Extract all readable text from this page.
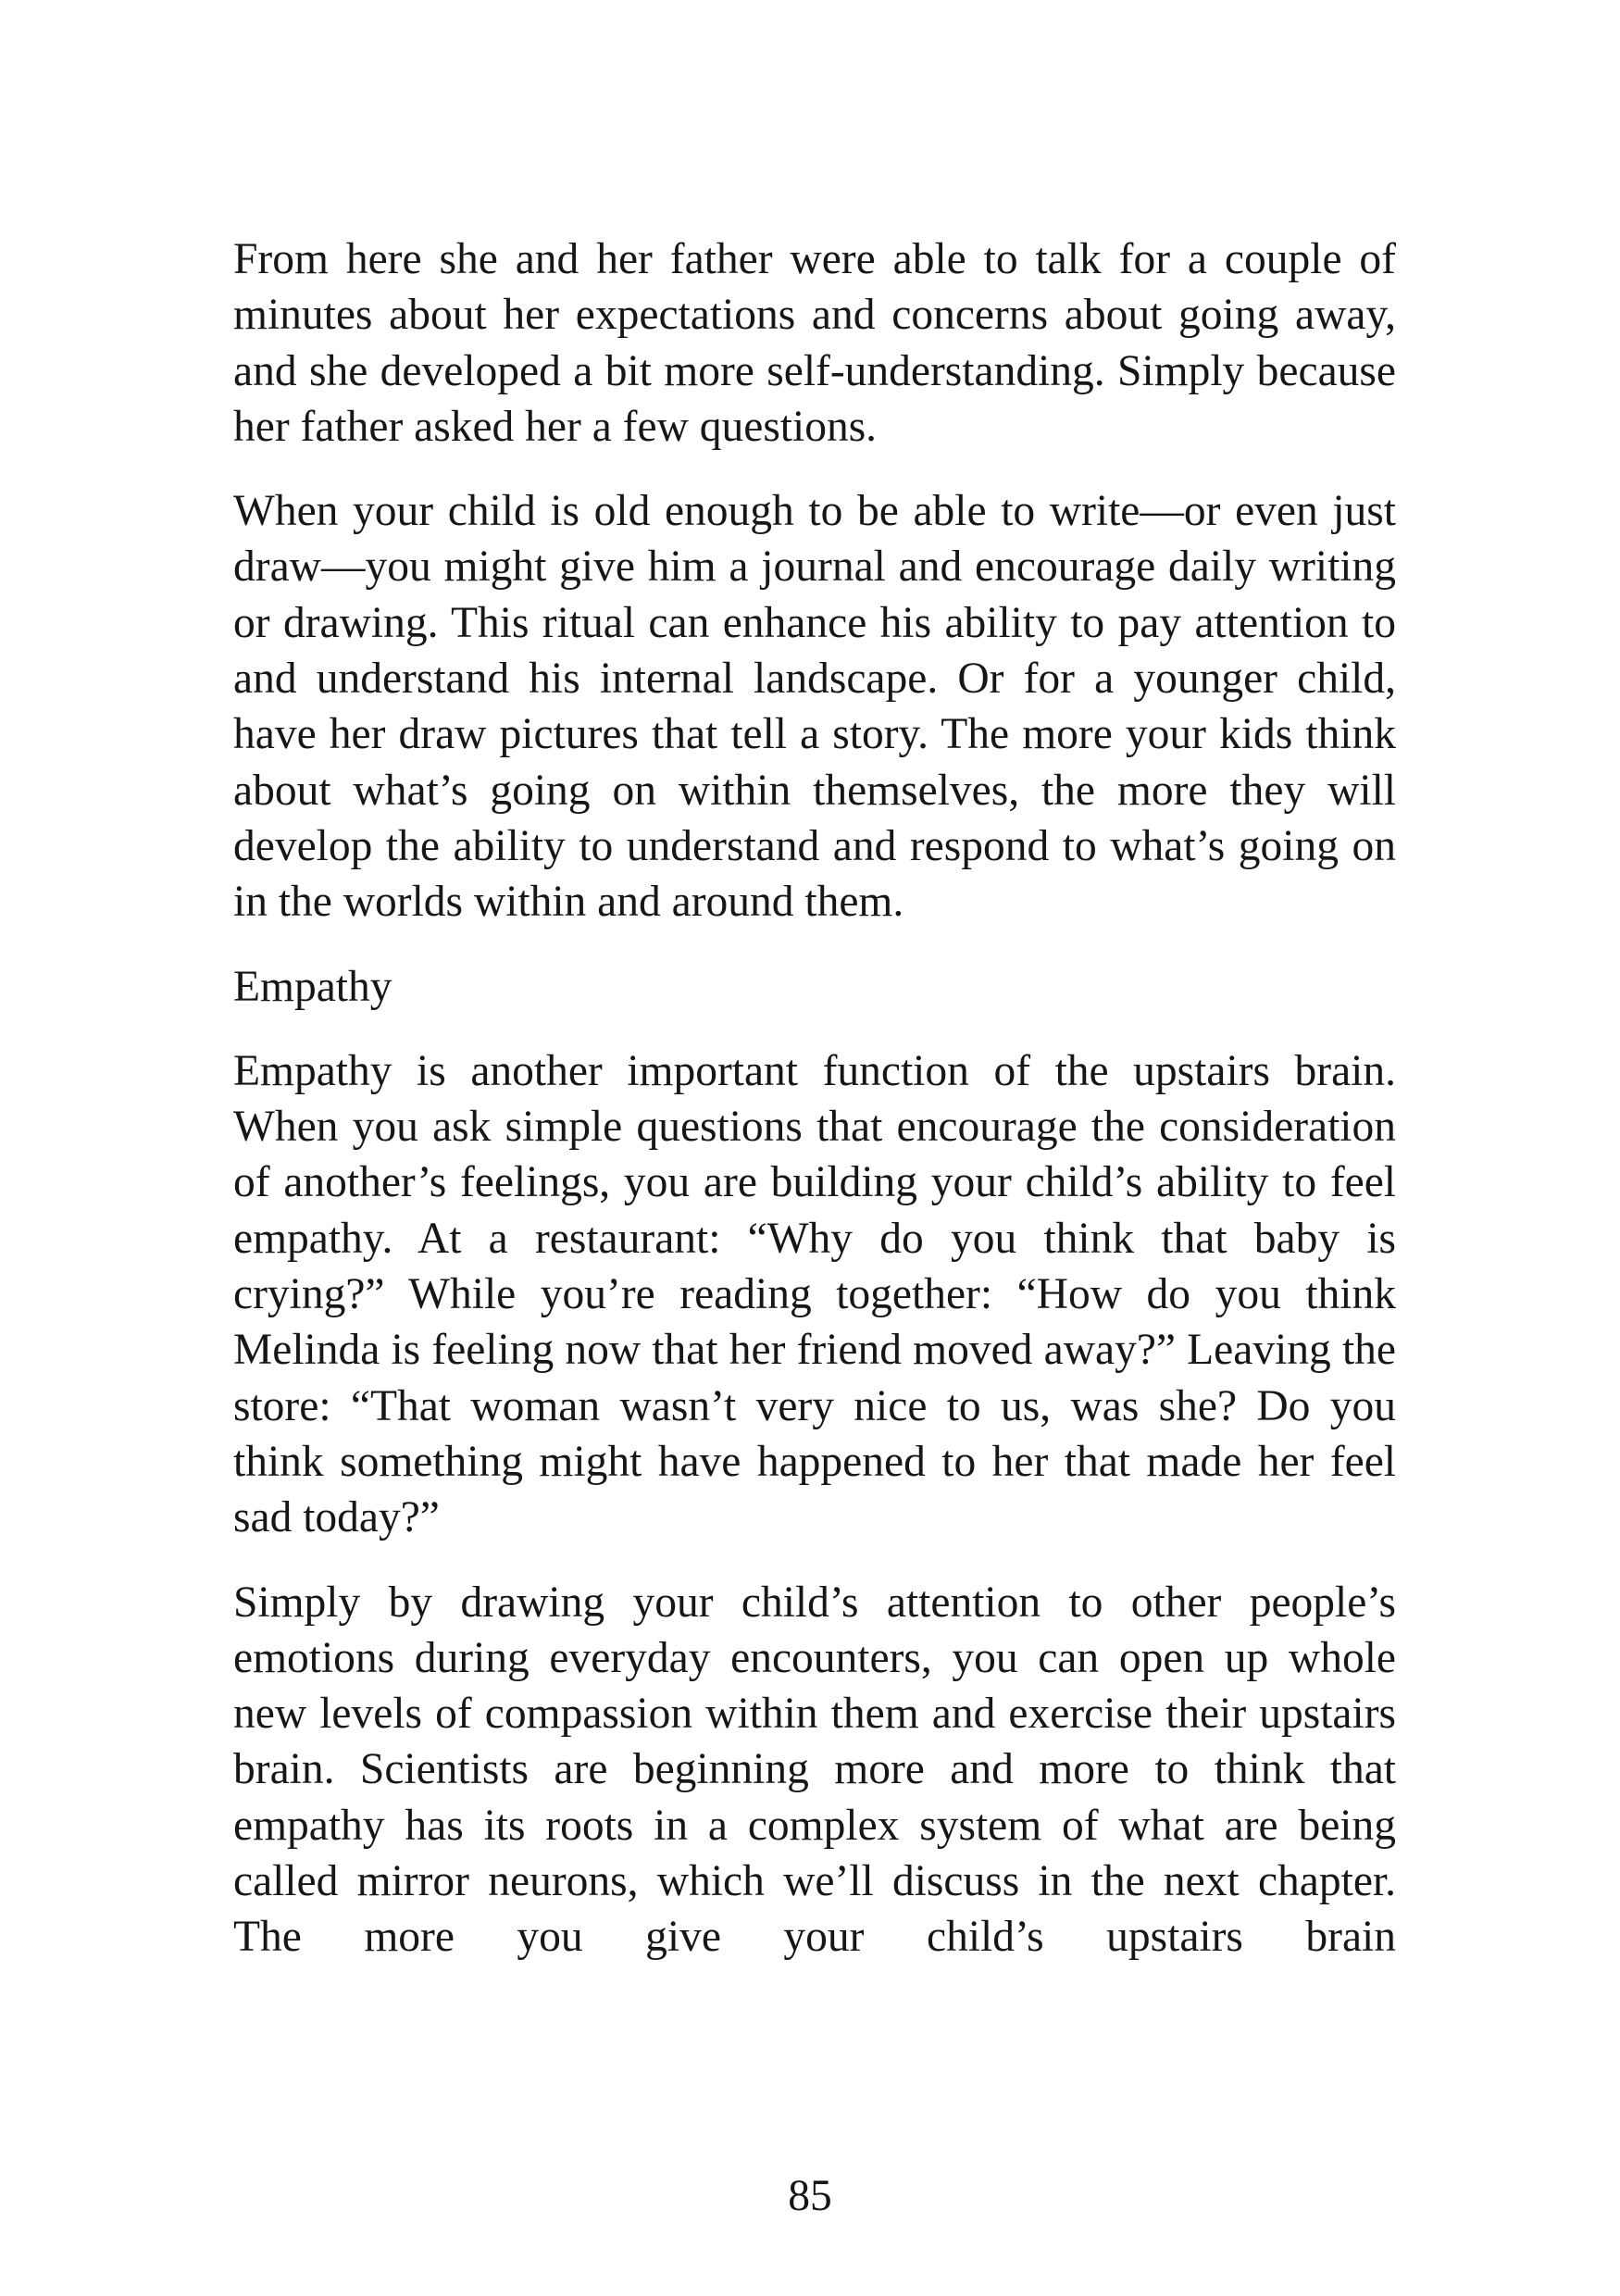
From here she and her father were able to talk for a couple of minutes about her expectations and concerns about going away, and she developed a bit more self-understanding. Simply because her father asked her a few questions.

When your child is old enough to be able to write—or even just draw—you might give him a journal and encourage daily writing or drawing. This ritual can enhance his ability to pay attention to and understand his internal landscape. Or for a younger child, have her draw pictures that tell a story. The more your kids think about what’s going on within themselves, the more they will develop the ability to understand and respond to what’s going on in the worlds within and around them.

Empathy

Empathy is another important function of the upstairs brain. When you ask simple questions that encourage the consideration of another’s feelings, you are building your child’s ability to feel empathy. At a restaurant: “Why do you think that baby is crying?” While you’re reading together: “How do you think Melinda is feeling now that her friend moved away?” Leaving the store: “That woman wasn’t very nice to us, was she? Do you think something might have happened to her that made her feel sad today?”

Simply by drawing your child’s attention to other people’s emotions during everyday encounters, you can open up whole new levels of compassion within them and exercise their upstairs brain. Scientists are beginning more and more to think that empathy has its roots in a complex system of what are being called mirror neurons, which we’ll discuss in the next chapter. The more you give your child’s upstairs brain

85
